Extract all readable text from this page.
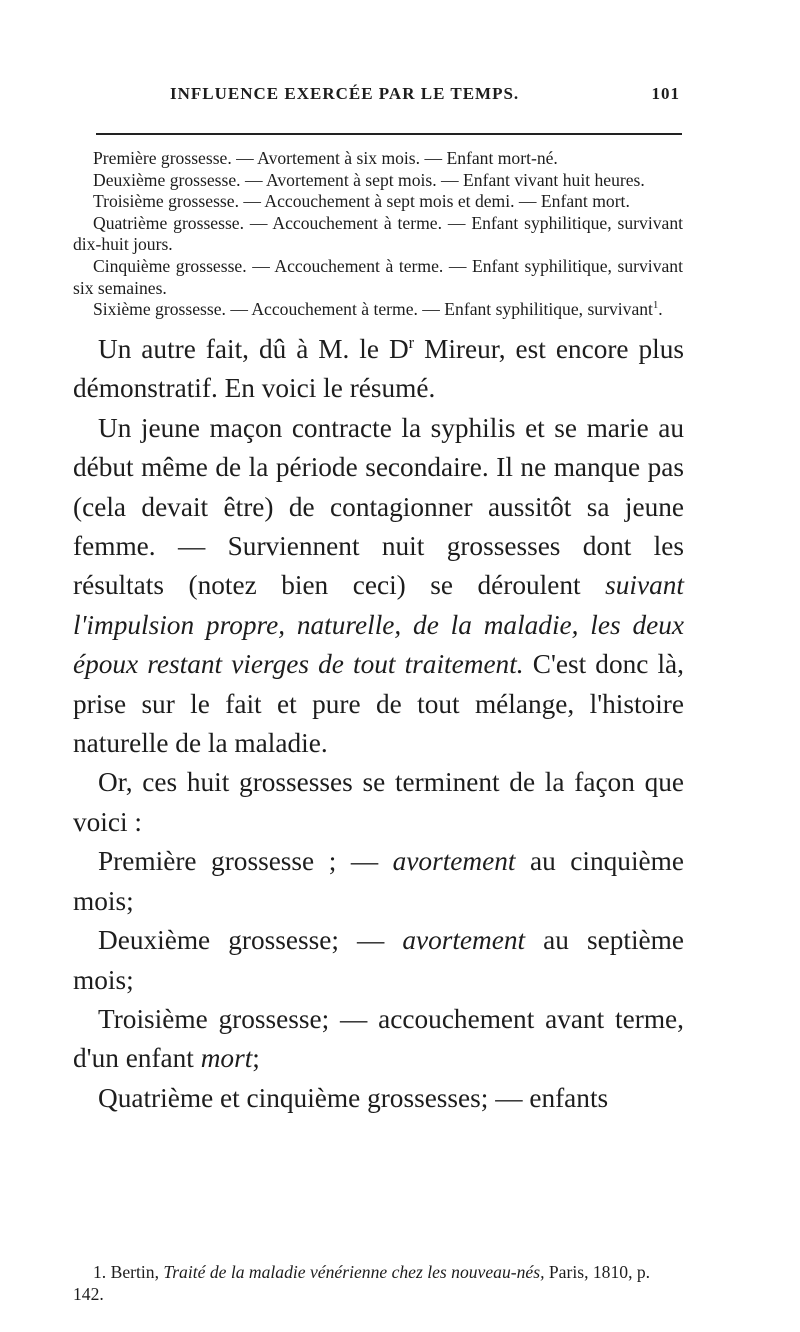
INFLUENCE EXERCÉE PAR LE TEMPS.	101

Première grossesse. — Avortement à six mois. — Enfant mort-né.

Deuxième grossesse. — Avortement à sept mois. — Enfant vivant huit heures.

Troisième grossesse. — Accouchement à sept mois et demi. — Enfant mort.

Quatrième grossesse. — Accouchement à terme. — Enfant syphilitique, survivant dix-huit jours.

Cinquième grossesse. — Accouchement à terme. — Enfant syphilitique, survivant six semaines.

Sixième grossesse. — Accouchement à terme. — Enfant syphilitique, survivant$^1$.

Un autre fait, dû à M. le $D^r$ Mireur, est encore plus démonstratif. En voici le résumé.

Un jeune maçon contracte la syphilis et se marie au début même de la période secondaire. Il ne manque pas (cela devait être) de contagionner aussitôt sa jeune femme. — Surviennent nuit grossesses dont les résultats (notez bien ceci) se déroulent suivant l'impulsion propre, naturelle, de la maladie, les deux époux restant vierges de tout traitement. C'est donc là, prise sur le fait et pure de tout mélange, l'histoire naturelle de la maladie.

Or, ces huit grossesses se terminent de la façon que voici :

Première grossesse ; — avortement au cinquième mois;

Deuxième grossesse; — avortement au septième mois;

Troisième grossesse; — accouchement avant terme, d'un enfant mort;

Quatrième et cinquième grossesses; — enfants

1. Bertin, Traité de la maladie vénérienne chez les nouveau-nés, Paris, 1810, p. 142.
